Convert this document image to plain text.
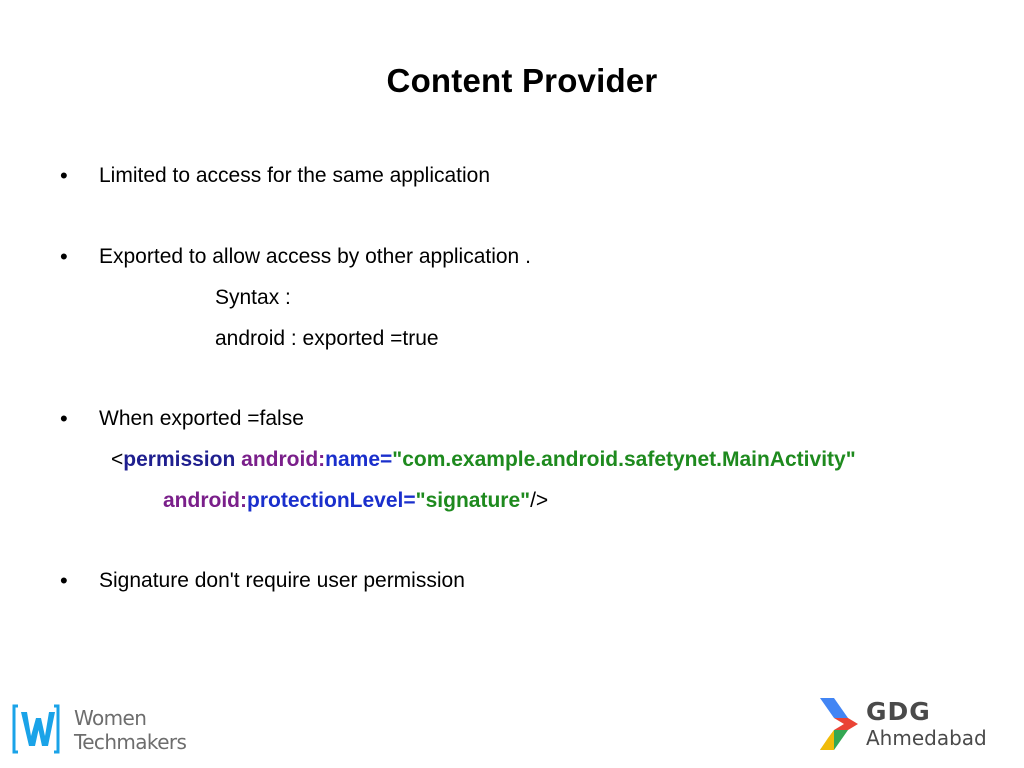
Content Provider
• Limited to access for the same application
• Exported to allow access by other application .
Syntax :
android : exported =true
• When exported =false
<permission android:name="com.example.android.safetynet.MainActivity"
android:protectionLevel="signature"/>
• Signature don't require user permission
Women
Techmakers
GDG
Ahmedabad
